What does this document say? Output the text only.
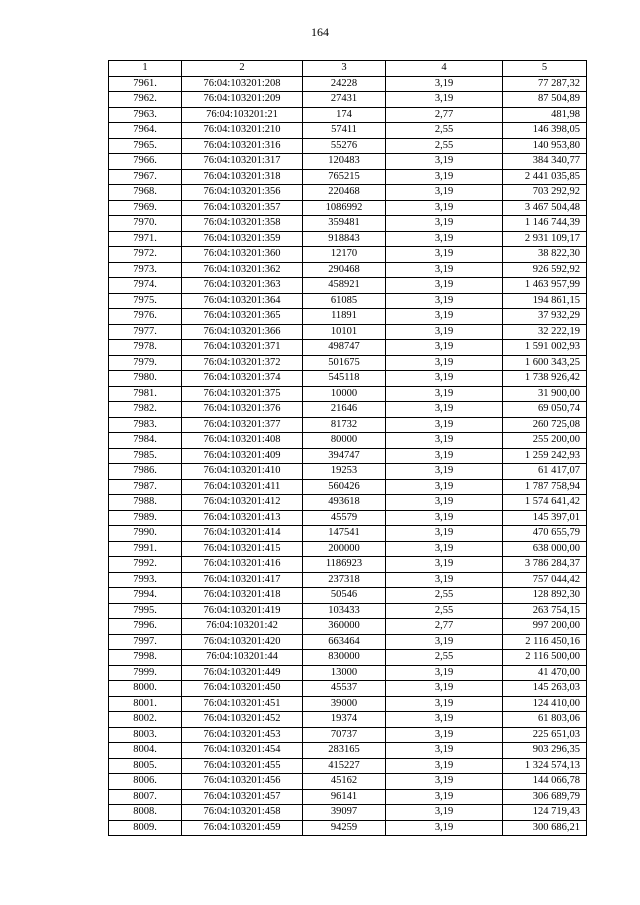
164
1	2	3	4	5
7961.	76:04:103201:208	24228	3,19	77 287,32
7962.	76:04:103201:209	27431	3,19	87 504,89
7963.	76:04:103201:21	174	2,77	481,98
7964.	76:04:103201:210	57411	2,55	146 398,05
7965.	76:04:103201:316	55276	2,55	140 953,80
7966.	76:04:103201:317	120483	3,19	384 340,77
7967.	76:04:103201:318	765215	3,19	2 441 035,85
7968.	76:04:103201:356	220468	3,19	703 292,92
7969.	76:04:103201:357	1086992	3,19	3 467 504,48
7970.	76:04:103201:358	359481	3,19	1 146 744,39
7971.	76:04:103201:359	918843	3,19	2 931 109,17
7972.	76:04:103201:360	12170	3,19	38 822,30
7973.	76:04:103201:362	290468	3,19	926 592,92
7974.	76:04:103201:363	458921	3,19	1 463 957,99
7975.	76:04:103201:364	61085	3,19	194 861,15
7976.	76:04:103201:365	11891	3,19	37 932,29
7977.	76:04:103201:366	10101	3,19	32 222,19
7978.	76:04:103201:371	498747	3,19	1 591 002,93
7979.	76:04:103201:372	501675	3,19	1 600 343,25
7980.	76:04:103201:374	545118	3,19	1 738 926,42
7981.	76:04:103201:375	10000	3,19	31 900,00
7982.	76:04:103201:376	21646	3,19	69 050,74
7983.	76:04:103201:377	81732	3,19	260 725,08
7984.	76:04:103201:408	80000	3,19	255 200,00
7985.	76:04:103201:409	394747	3,19	1 259 242,93
7986.	76:04:103201:410	19253	3,19	61 417,07
7987.	76:04:103201:411	560426	3,19	1 787 758,94
7988.	76:04:103201:412	493618	3,19	1 574 641,42
7989.	76:04:103201:413	45579	3,19	145 397,01
7990.	76:04:103201:414	147541	3,19	470 655,79
7991.	76:04:103201:415	200000	3,19	638 000,00
7992.	76:04:103201:416	1186923	3,19	3 786 284,37
7993.	76:04:103201:417	237318	3,19	757 044,42
7994.	76:04:103201:418	50546	2,55	128 892,30
7995.	76:04:103201:419	103433	2,55	263 754,15
7996.	76:04:103201:42	360000	2,77	997 200,00
7997.	76:04:103201:420	663464	3,19	2 116 450,16
7998.	76:04:103201:44	830000	2,55	2 116 500,00
7999.	76:04:103201:449	13000	3,19	41 470,00
8000.	76:04:103201:450	45537	3,19	145 263,03
8001.	76:04:103201:451	39000	3,19	124 410,00
8002.	76:04:103201:452	19374	3,19	61 803,06
8003.	76:04:103201:453	70737	3,19	225 651,03
8004.	76:04:103201:454	283165	3,19	903 296,35
8005.	76:04:103201:455	415227	3,19	1 324 574,13
8006.	76:04:103201:456	45162	3,19	144 066,78
8007.	76:04:103201:457	96141	3,19	306 689,79
8008.	76:04:103201:458	39097	3,19	124 719,43
8009.	76:04:103201:459	94259	3,19	300 686,21
